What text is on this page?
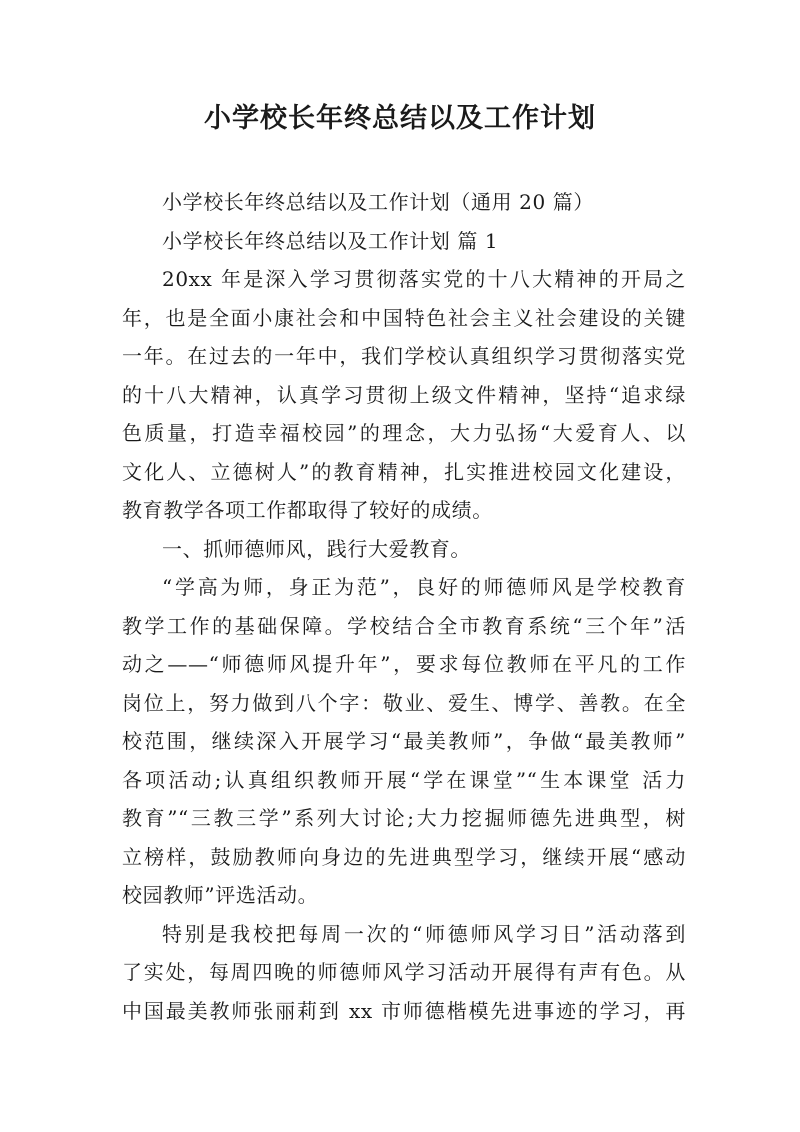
小学校长年终总结以及工作计划
小学校长年终总结以及工作计划（通用 20 篇）
小学校长年终总结以及工作计划 篇 1
20xx 年是深入学习贯彻落实党的十八大精神的开局之
年，也是全面小康社会和中国特色社会主义社会建设的关键
一年。在过去的一年中，我们学校认真组织学习贯彻落实党
的十八大精神，认真学习贯彻上级文件精神，坚持“追求绿
色质量，打造幸福校园”的理念，大力弘扬“大爱育人、以
文化人、立德树人”的教育精神，扎实推进校园文化建设，
教育教学各项工作都取得了较好的成绩。
一、抓师德师风，践行大爱教育。
“学高为师，身正为范”，良好的师德师风是学校教育
教学工作的基础保障。学校结合全市教育系统“三个年”活
动之——“师德师风提升年”，要求每位教师在平凡的工作
岗位上，努力做到八个字：敬业、爱生、博学、善教。在全
校范围，继续深入开展学习“最美教师”，争做“最美教师”
各项活动;认真组织教师开展“学在课堂”“生本课堂 活力
教育”“三教三学”系列大讨论;大力挖掘师德先进典型，树
立榜样，鼓励教师向身边的先进典型学习，继续开展“感动
校园教师”评选活动。
特别是我校把每周一次的“师德师风学习日”活动落到
了实处，每周四晚的师德师风学习活动开展得有声有色。从
中国最美教师张丽莉到 xx 市师德楷模先进事迹的学习，再
